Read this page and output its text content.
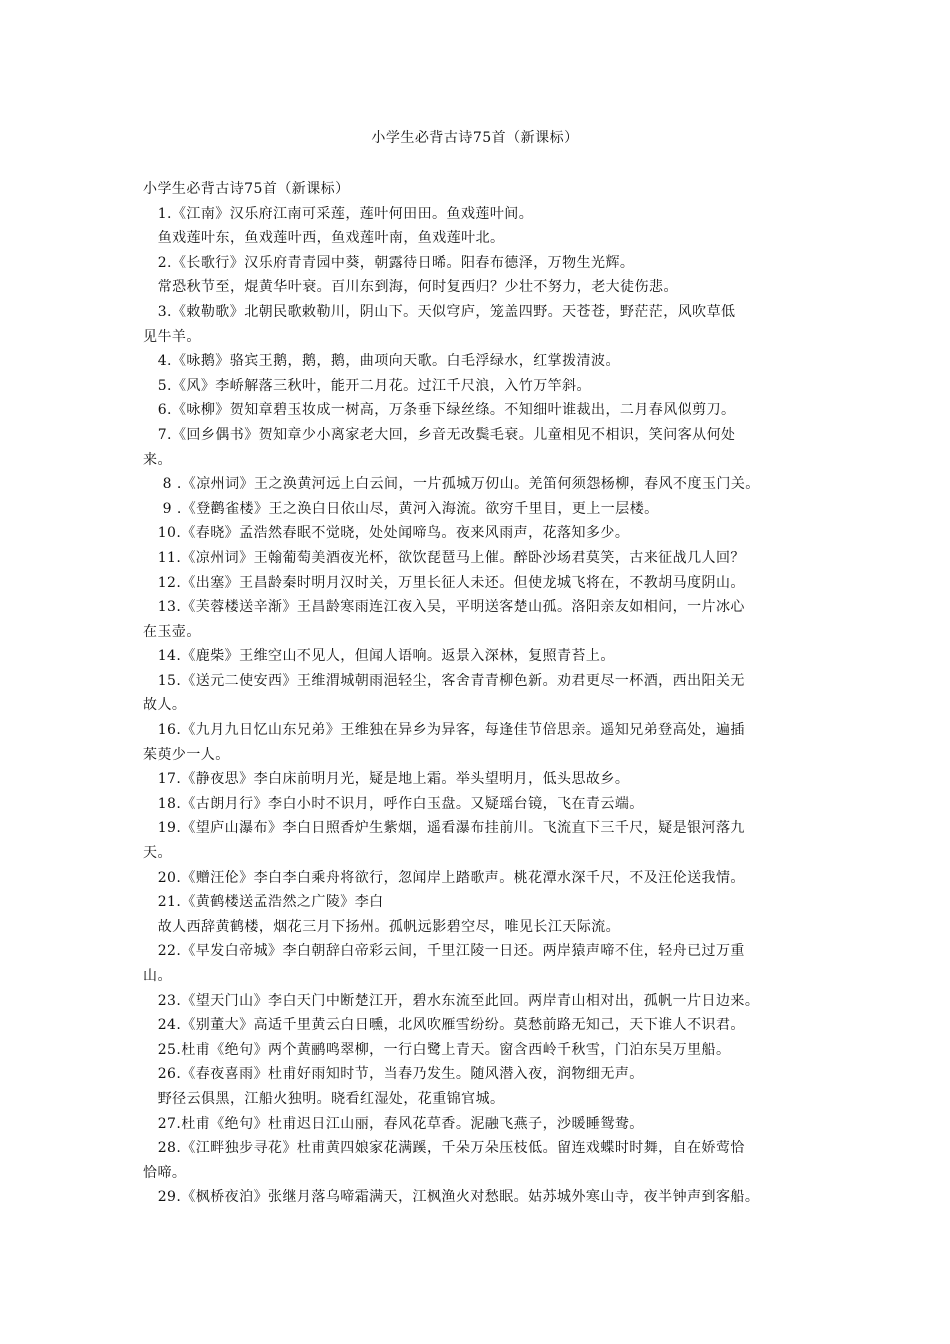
小学生必背古诗75首（新课标）
小学生必背古诗75首（新课标）
1.《江南》汉乐府江南可采莲，莲叶何田田。鱼戏莲叶间。
鱼戏莲叶东，鱼戏莲叶西，鱼戏莲叶南，鱼戏莲叶北。
2.《长歌行》汉乐府青青园中葵，朝露待日晞。阳春布德泽，万物生光辉。
常恐秋节至，焜黄华叶衰。百川东到海，何时复西归？少壮不努力，老大徒伤悲。
3.《敕勒歌》北朝民歌敕勒川，阴山下。天似穹庐，笼盖四野。天苍苍，野茫茫，风吹草低
见牛羊。
4.《咏鹅》骆宾王鹅，鹅，鹅，曲项向天歌。白毛浮绿水，红掌拨清波。
5.《风》李峤解落三秋叶，能开二月花。过江千尺浪，入竹万竿斜。
6.《咏柳》贺知章碧玉妆成一树高，万条垂下绿丝绦。不知细叶谁裁出，二月春风似剪刀。
7.《回乡偶书》贺知章少小离家老大回，乡音无改鬓毛衰。儿童相见不相识，笑问客从何处
来。
8 .《凉州词》王之涣黄河远上白云间，一片孤城万仞山。羌笛何须怨杨柳，春风不度玉门关。
9 .《登鹳雀楼》王之涣白日依山尽，黄河入海流。欲穷千里目，更上一层楼。
10.《春晓》孟浩然春眠不觉晓，处处闻啼鸟。夜来风雨声，花落知多少。
11.《凉州词》王翰葡萄美酒夜光杯，欲饮琵琶马上催。醉卧沙场君莫笑，古来征战几人回？
12.《出塞》王昌龄秦时明月汉时关，万里长征人未还。但使龙城飞将在，不教胡马度阴山。
13.《芙蓉楼送辛渐》王昌龄寒雨连江夜入吴，平明送客楚山孤。洛阳亲友如相问，一片冰心
在玉壶。
14.《鹿柴》王维空山不见人，但闻人语响。返景入深林，复照青苔上。
15.《送元二使安西》王维渭城朝雨浥轻尘，客舍青青柳色新。劝君更尽一杯酒，西出阳关无
故人。
16.《九月九日忆山东兄弟》王维独在异乡为异客，每逢佳节倍思亲。遥知兄弟登高处，遍插
茱萸少一人。
17.《静夜思》李白床前明月光，疑是地上霜。举头望明月，低头思故乡。
18.《古朗月行》李白小时不识月，呼作白玉盘。又疑瑶台镜，飞在青云端。
19.《望庐山瀑布》李白日照香炉生紫烟，遥看瀑布挂前川。飞流直下三千尺，疑是银河落九
天。
20.《赠汪伦》李白李白乘舟将欲行，忽闻岸上踏歌声。桃花潭水深千尺，不及汪伦送我情。
21.《黄鹤楼送孟浩然之广陵》李白
故人西辞黄鹤楼，烟花三月下扬州。孤帆远影碧空尽，唯见长江天际流。
22.《早发白帝城》李白朝辞白帝彩云间，千里江陵一日还。两岸猿声啼不住，轻舟已过万重
山。
23.《望天门山》李白天门中断楚江开，碧水东流至此回。两岸青山相对出，孤帆一片日边来。
24.《别董大》高适千里黄云白日曛，北风吹雁雪纷纷。莫愁前路无知己，天下谁人不识君。
25.杜甫《绝句》两个黄鹂鸣翠柳，一行白鹭上青天。窗含西岭千秋雪，门泊东吴万里船。
26.《春夜喜雨》杜甫好雨知时节，当春乃发生。随风潜入夜，润物细无声。
野径云俱黑，江船火独明。晓看红湿处，花重锦官城。
27.杜甫《绝句》杜甫迟日江山丽，春风花草香。泥融飞燕子，沙暖睡鸳鸯。
28.《江畔独步寻花》杜甫黄四娘家花满蹊，千朵万朵压枝低。留连戏蝶时时舞，自在娇莺恰
恰啼。
29.《枫桥夜泊》张继月落乌啼霜满天，江枫渔火对愁眠。姑苏城外寒山寺，夜半钟声到客船。
